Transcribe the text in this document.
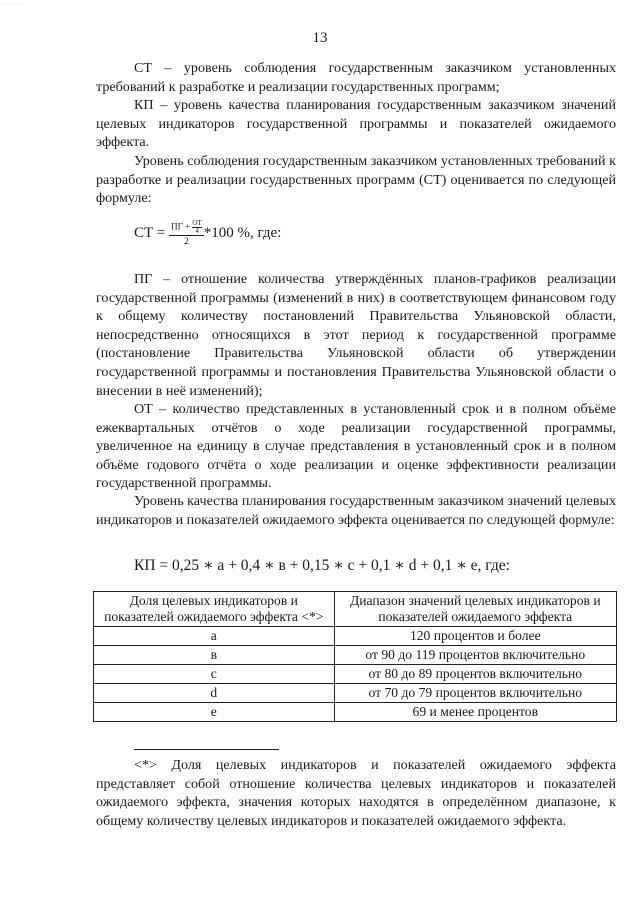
· · · · · ·
13

СТ – уровень соблюдения государственным заказчиком установленных требований к разработке и реализации государственных программ;

КП – уровень качества планирования государственным заказчиком значений целевых индикаторов государственной программы и показателей ожидаемого эффекта.

Уровень соблюдения государственным заказчиком установленных требований к разработке и реализации государственных программ (СТ) оценивается по следующей формуле:

СТ = ПГ + ОТ
4
2 *100 %, где:

ПГ – отношение количества утверждённых планов-графиков реализации государственной программы (изменений в них) в соответствующем финансовом году к общему количеству постановлений Правительства Ульяновской области, непосредственно относящихся в этот период к государственной программе (постановление Правительства Ульяновской области об утверждении государственной программы и постановления Правительства Ульяновской области о внесении в неё изменений);

ОТ – количество представленных в установленный срок и в полном объёме ежеквартальных отчётов о ходе реализации государственной программы, увеличенное на единицу в случае представления в установленный срок и в полном объёме годового отчёта о ходе реализации и оценке эффективности реализации государственной программы.

Уровень качества планирования государственным заказчиком значений целевых индикаторов и показателей ожидаемого эффекта оценивается по следующей формуле:

КП = 0,25 ∗ a + 0,4 ∗ в + 0,15 ∗ c + 0,1 ∗ d + 0,1 ∗ e, где:
Доля целевых индикаторов и показателей ожидаемого эффекта <*>	Диапазон значений целевых индикаторов и показателей ожидаемого эффекта
a	120 процентов и более
в	от 90 до 119 процентов включительно
c	от 80 до 89 процентов включительно
d	от 70 до 79 процентов включительно
e	69 и менее процентов

<*> Доля целевых индикаторов и показателей ожидаемого эффекта представляет собой отношение количества целевых индикаторов и показателей ожидаемого эффекта, значения которых находятся в определённом диапазоне, к общему количеству целевых индикаторов и показателей ожидаемого эффекта.
